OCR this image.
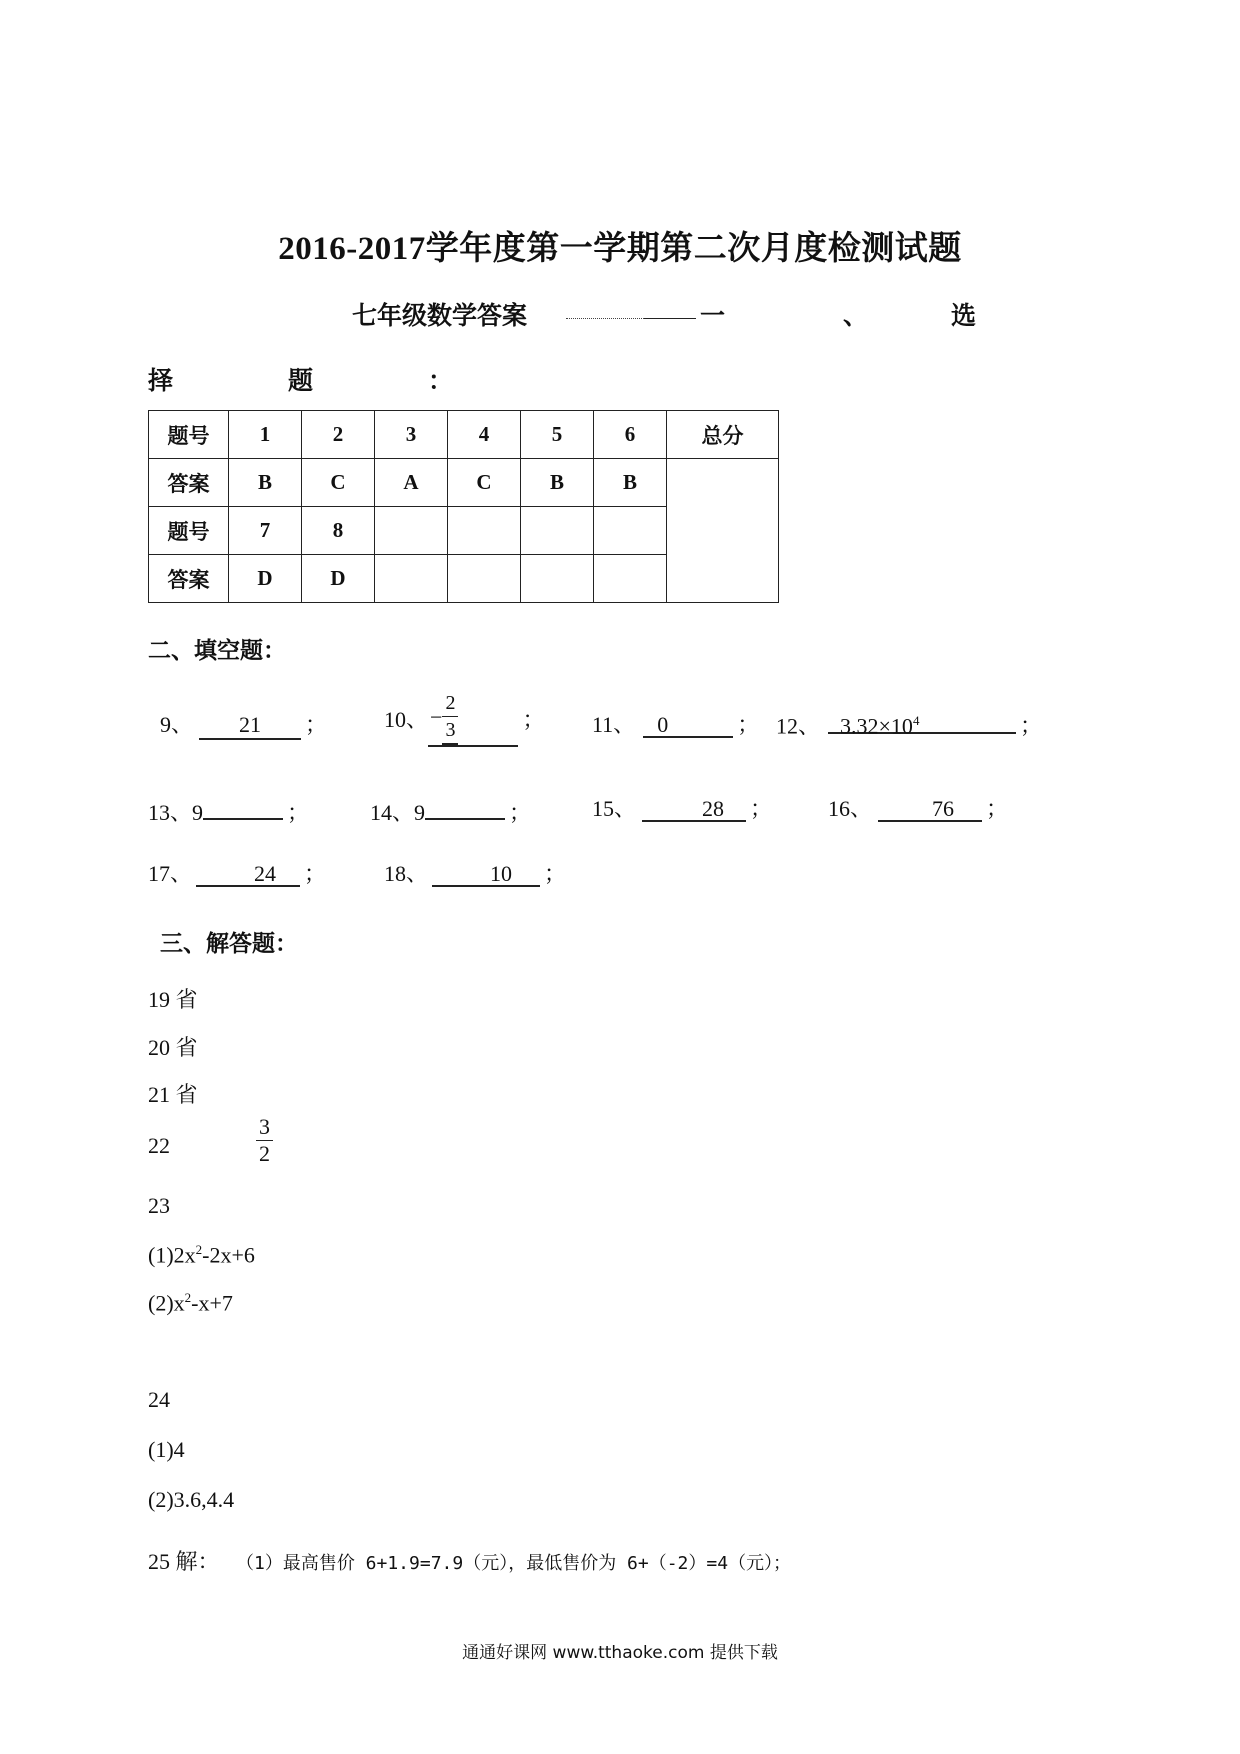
2016-2017学年度第一学期第二次月度检测试题
七年级数学答案	一	、	选
择	题	：
题号	1	2	3	4	5	6	总分
答案	B	C	A	C	B	B	
题号	7	8					
答案	D	D					
二、填空题：
9、 21 ；	10、− $\frac{2}{3}$	； 11、 0	； 12、 $3.32\times 10^4$	；
13、9	；	14、9	；	15、	28 ；	16、	76 ；
17、	24 ；	18、	10 ；
三、解答题：
19 省
20 省
21 省
22	$\frac{3}{2}$
23
$(1)2x^2-2x+6$
$(2)x^2-x+7$
24
(1)4
(2)3.6,4.4
25 解： （1）最高售价 6+1.9=7.9（元），最低售价为 6+（-2）=4（元）；
通通好课网 www.tthaoke.com 提供下载
